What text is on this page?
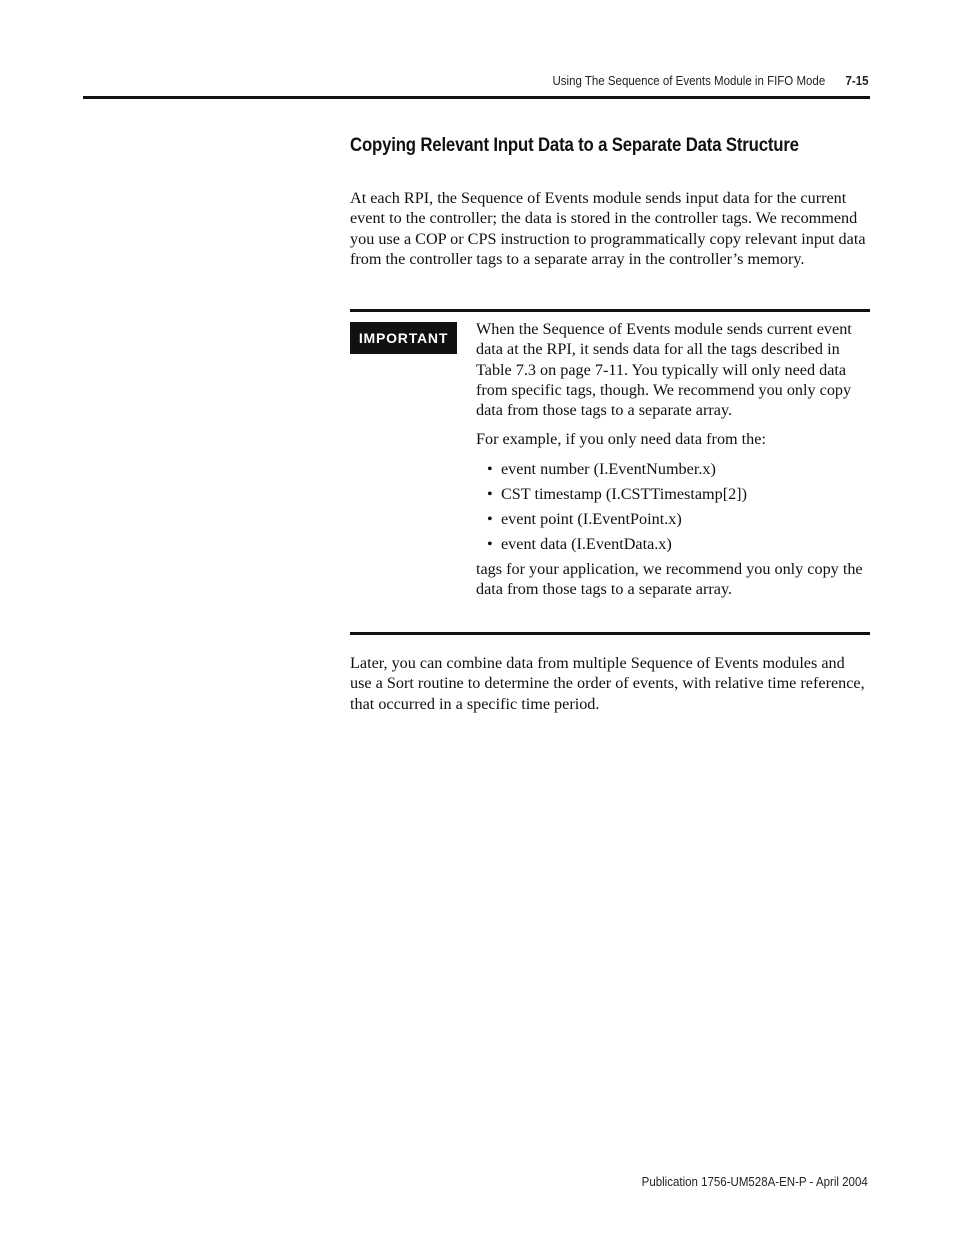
Using The Sequence of Events Module in FIFO Mode 7-15
Copying Relevant Input Data to a Separate Data Structure

At each RPI, the Sequence of Events module sends input data for the current event to the controller; the data is stored in the controller tags. We recommend you use a COP or CPS instruction to programmatically copy relevant input data from the controller tags to a separate array in the controller’s memory.

IMPORTANT	When the Sequence of Events module sends current event data at the RPI, it sends data for all the tags described in Table 7.3 on page 7-11. You typically will only need data from specific tags, though. We recommend you only copy data from those tags to a separate array.

For example, if you only need data from the:

• event number (I.EventNumber.x)
• CST timestamp (I.CSTTimestamp[2])
• event point (I.EventPoint.x)
• event data (I.EventData.x)

tags for your application, we recommend you only copy the data from those tags to a separate array.

Later, you can combine data from multiple Sequence of Events modules and use a Sort routine to determine the order of events, with relative time reference, that occurred in a specific time period.

Publication 1756-UM528A-EN-P - April 2004
